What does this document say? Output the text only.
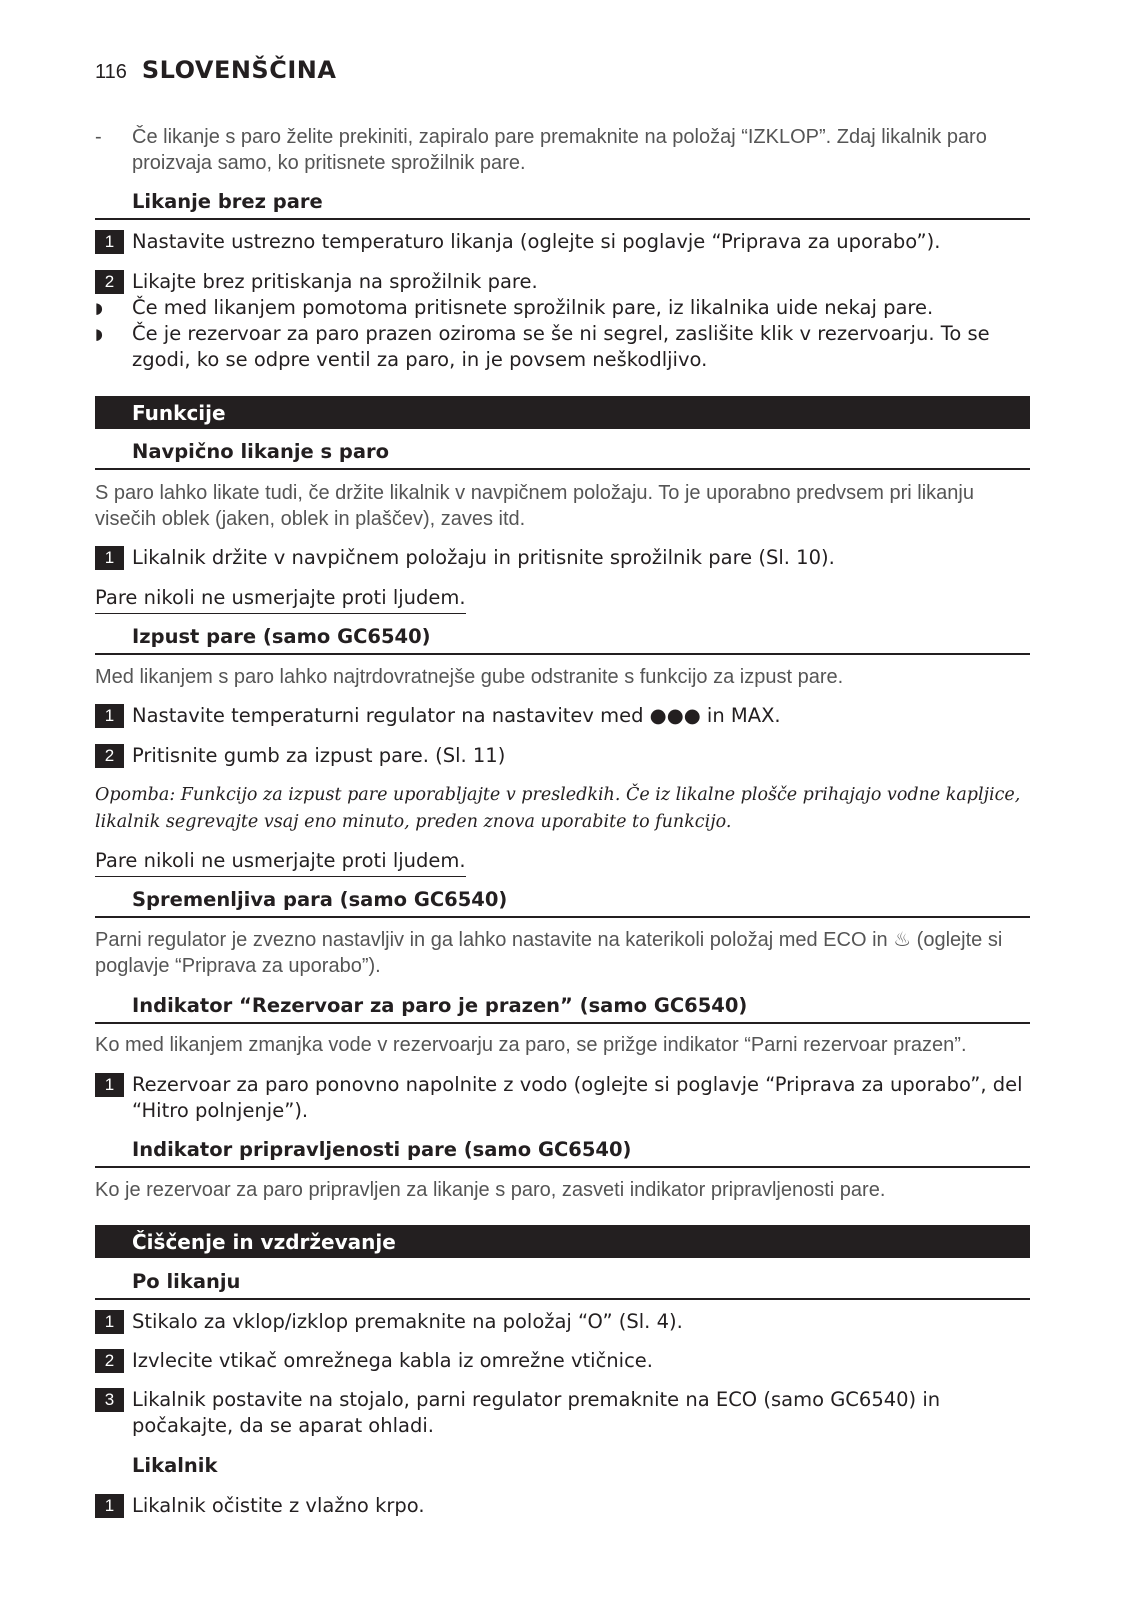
116 SLOVENŠČINA
-	Če likanje s paro želite prekiniti, zapiralo pare premaknite na položaj “IZKLOP”. Zdaj likalnik paro proizvaja samo, ko pritisnete sprožilnik pare.
Likanje brez pare
1 Nastavite ustrezno temperaturo likanja (oglejte si poglavje “Priprava za uporabo”).
2 Likajte brez pritiskanja na sprožilnik pare.
◗	Če med likanjem pomotoma pritisnete sprožilnik pare, iz likalnika uide nekaj pare.
◗	Če je rezervoar za paro prazen oziroma se še ni segrel, zaslišite klik v rezervoarju. To se zgodi, ko se odpre ventil za paro, in je povsem neškodljivo.
Funkcije
Navpično likanje s paro
S paro lahko likate tudi, če držite likalnik v navpičnem položaju. To je uporabno predvsem pri likanju visečih oblek (jaken, oblek in plaščev), zaves itd.
1 Likalnik držite v navpičnem položaju in pritisnite sprožilnik pare (Sl. 10).
Pare nikoli ne usmerjajte proti ljudem.
Izpust pare (samo GC6540)
Med likanjem s paro lahko najtrdovratnejše gube odstranite s funkcijo za izpust pare.
1 Nastavite temperaturni regulator na nastavitev med ●●● in MAX.
2 Pritisnite gumb za izpust pare. (Sl. 11)
Opomba: Funkcijo za izpust pare uporabljajte v presledkih. Če iz likalne plošče prihajajo vodne kapljice, likalnik segrevajte vsaj eno minuto, preden znova uporabite to funkcijo.
Pare nikoli ne usmerjajte proti ljudem.
Spremenljiva para (samo GC6540)
Parni regulator je zvezno nastavljiv in ga lahko nastavite na katerikoli položaj med ECO in ♨ (oglejte si poglavje “Priprava za uporabo”).
Indikator “Rezervoar za paro je prazen” (samo GC6540)
Ko med likanjem zmanjka vode v rezervoarju za paro, se prižge indikator “Parni rezervoar prazen”.
1 Rezervoar za paro ponovno napolnite z vodo (oglejte si poglavje “Priprava za uporabo”, del “Hitro polnjenje”).
Indikator pripravljenosti pare (samo GC6540)
Ko je rezervoar za paro pripravljen za likanje s paro, zasveti indikator pripravljenosti pare.
Čiščenje in vzdrževanje
Po likanju
1 Stikalo za vklop/izklop premaknite na položaj “O” (Sl. 4).
2 Izvlecite vtikač omrežnega kabla iz omrežne vtičnice.
3 Likalnik postavite na stojalo, parni regulator premaknite na ECO (samo GC6540) in počakajte, da se aparat ohladi.
Likalnik
1 Likalnik očistite z vlažno krpo.
